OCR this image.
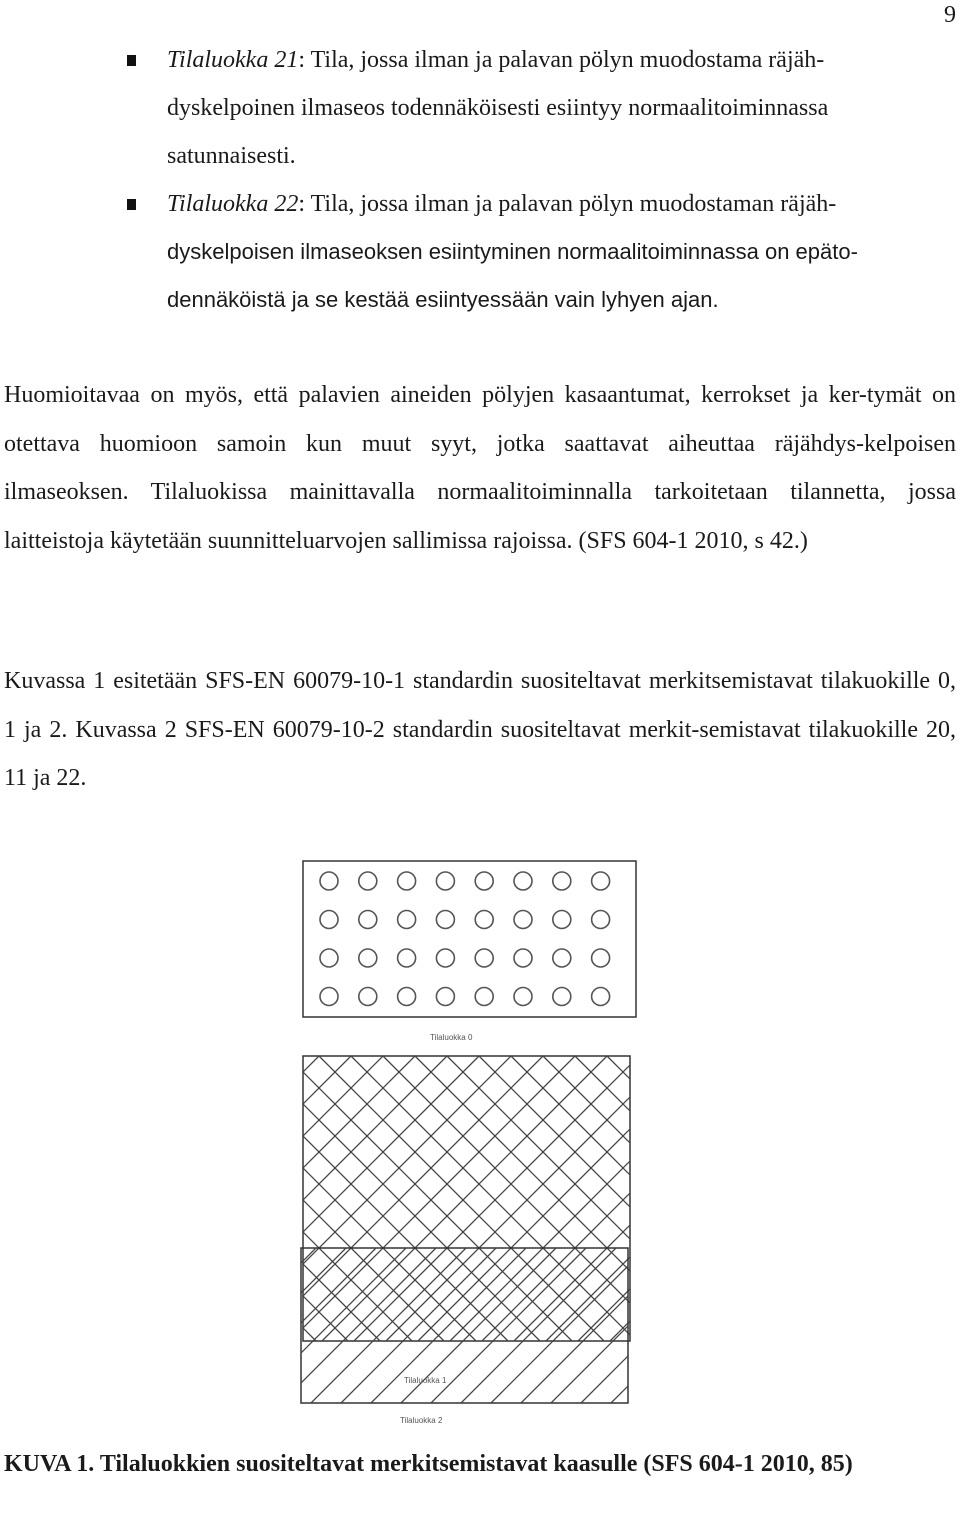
9
Tilaluokka 21: Tila, jossa ilman ja palavan pölyn muodostama räjäh-
dyskelpoinen ilmaseos todennäköisesti esiintyy normaalitoiminnassa
satunnaisesti.
Tilaluokka 22: Tila, jossa ilman ja palavan pölyn muodostaman räjäh-
dyskelpoisen ilmaseoksen esiintyminen normaalitoiminnassa on epäto-
dennäköistä ja se kestää esiintyessään vain lyhyen ajan.

Huomioitavaa on myös, että palavien aineiden pölyjen kasaantumat, kerrokset ja ker-tymät on otettava huomioon samoin kun muut syyt, jotka saattavat aiheuttaa räjähdys-kelpoisen ilmaseoksen. Tilaluokissa mainittavalla normaalitoiminnalla tarkoitetaan tilannetta, jossa laitteistoja käytetään suunnitteluarvojen sallimissa rajoissa. (SFS 604-1 2010, s 42.)

Kuvassa 1 esitetään SFS-EN 60079-10-1 standardin suositeltavat merkitsemistavat tilakuokille 0, 1 ja 2. Kuvassa 2 SFS-EN 60079-10-2 standardin suositeltavat merkit-semistavat tilakuokille 20, 11 ja 22.

Tilaluokka 0
Tilaluokka 1
Tilaluokka 2

KUVA 1. Tilaluokkien suositeltavat merkitsemistavat kaasulle (SFS 604-1 2010, 85)
